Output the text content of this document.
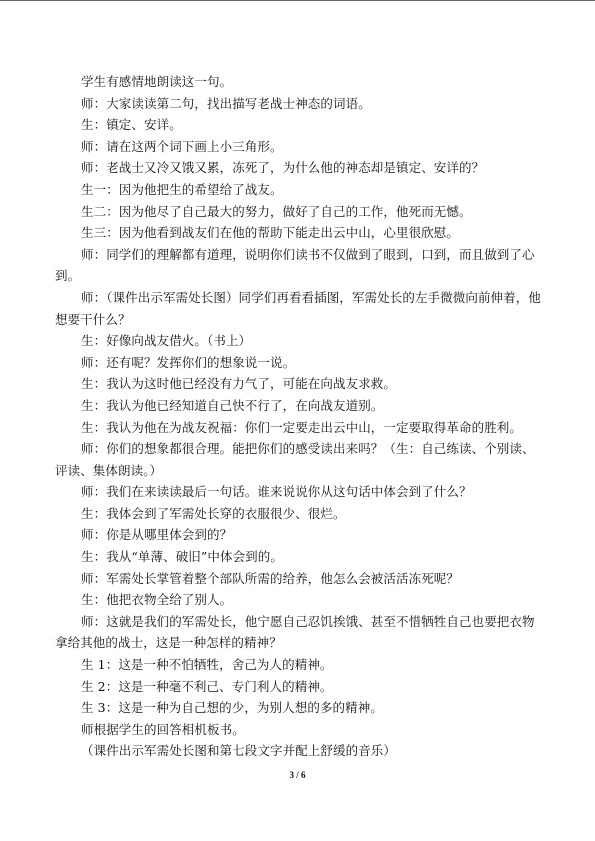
学生有感情地朗读这一句。

师：大家读读第二句，找出描写老战士神态的词语。

生：镇定、安详。

师：请在这两个词下画上小三角形。

师：老战士又冷又饿又累，冻死了，为什么他的神态却是镇定、安详的？

生一：因为他把生的希望给了战友。

生二：因为他尽了自己最大的努力，做好了自己的工作，他死而无憾。

生三：因为他看到战友们在他的帮助下能走出云中山，心里很欣慰。

师：同学们的理解都有道理，说明你们读书不仅做到了眼到，口到，而且做到了心到。

师：（课件出示军需处长图）同学们再看看插图，军需处长的左手微微向前伸着，他想要干什么？

生：好像向战友借火。（书上）

师：还有呢？发挥你们的想象说一说。

生：我认为这时他已经没有力气了，可能在向战友求救。

生：我认为他已经知道自己快不行了，在向战友道别。

生：我认为他在为战友祝福：你们一定要走出云中山，一定要取得革命的胜利。

师：你们的想象都很合理。能把你们的感受读出来吗？（生：自己练读、个别读、评读、集体朗读。）

师：我们在来读读最后一句话。谁来说说你从这句话中体会到了什么？

生：我体会到了军需处长穿的衣服很少、很烂。

师：你是从哪里体会到的？

生：我从“单薄、破旧”中体会到的。

师：军需处长掌管着整个部队所需的给养，他怎么会被活活冻死呢？

生：他把衣物全给了别人。

师：这就是我们的军需处长，他宁愿自己忍饥挨饿、甚至不惜牺牲自己也要把衣物拿给其他的战士，这是一种怎样的精神？

生 1：这是一种不怕牺牲，舍己为人的精神。

生 2：这是一种毫不利己、专门利人的精神。

生 3：这是一种为自己想的少，为别人想的多的精神。

师根据学生的回答相机板书。

（课件出示军需处长图和第七段文字并配上舒缓的音乐）

3 / 6
